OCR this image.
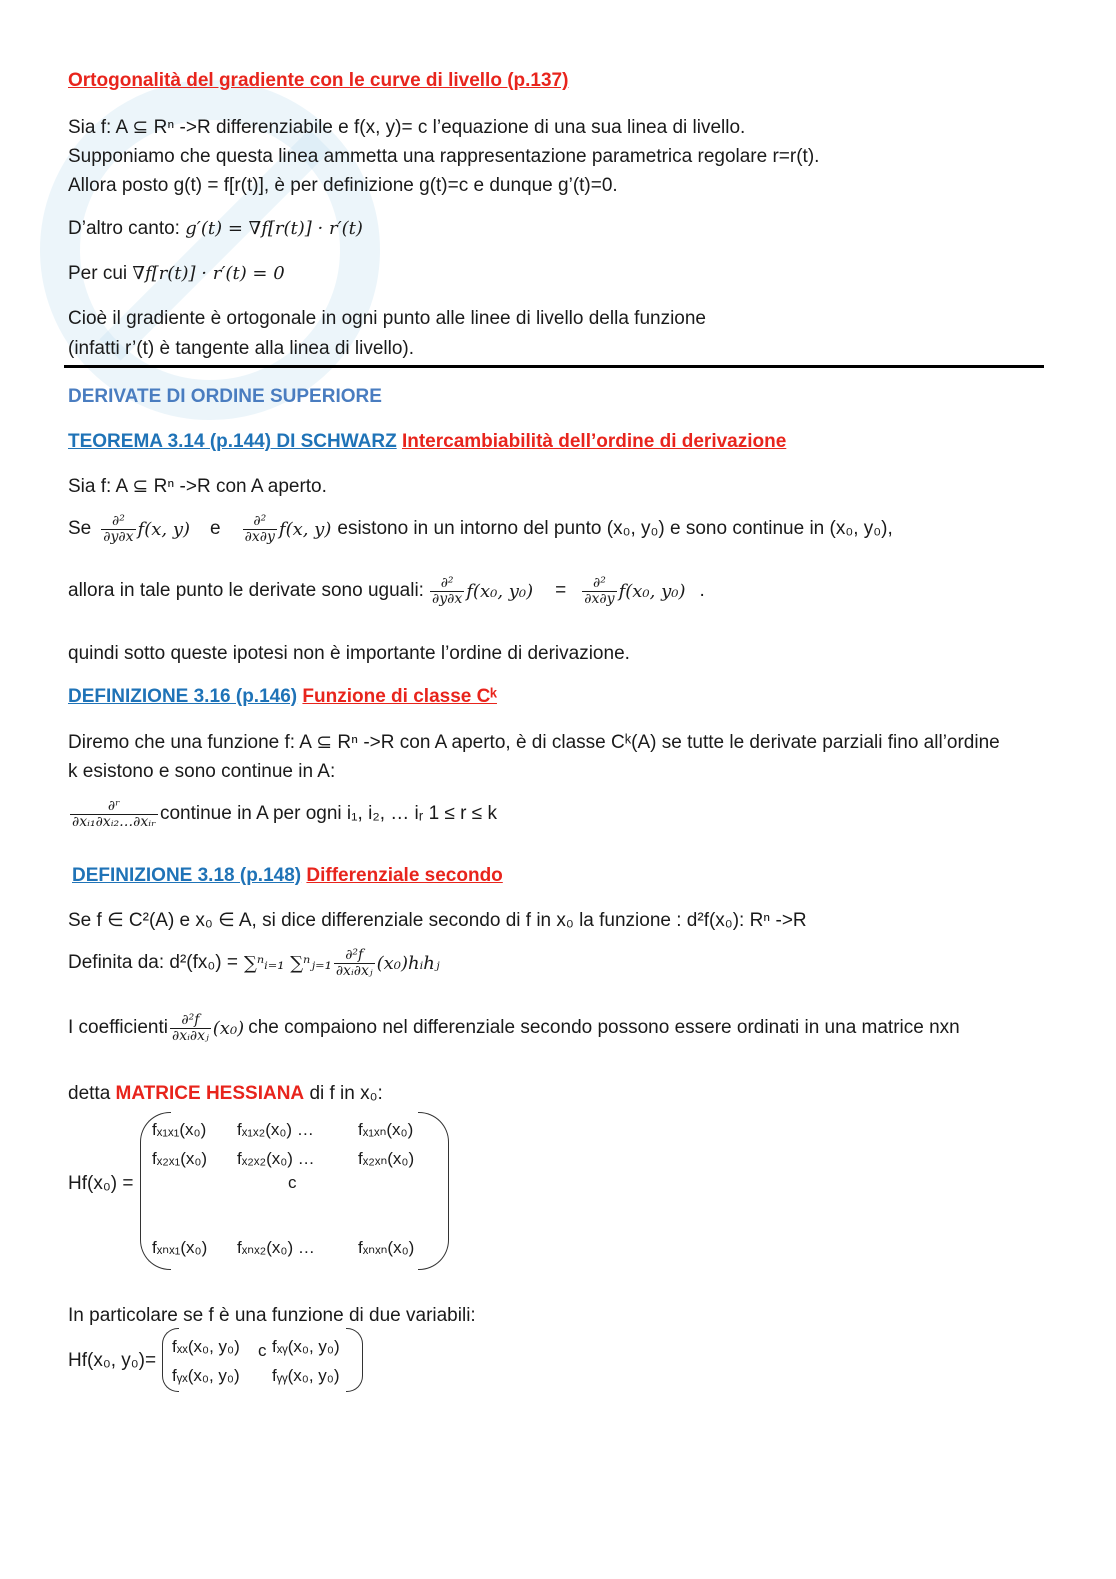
Ortogonalità del gradiente con le curve di livello (p.137)
Sia f: A ⊆ Rⁿ ->R differenziabile e f(x, y)= c l’equazione di una sua linea di livello.
Supponiamo che questa linea ammetta una rappresentazione parametrica regolare r=r(t).
Allora posto g(t) = f[r(t)], è per definizione g(t)=c e dunque g’(t)=0.
D’altro canto: g′(t) = ∇f[r(t)] · r′(t)
Per cui ∇f[r(t)] · r′(t) = 0
Cioè il gradiente è ortogonale in ogni punto alle linee di livello della funzione
(infatti r’(t) è tangente alla linea di livello).
DERIVATE DI ORDINE SUPERIORE
TEOREMA 3.14 (p.144) DI SCHWARZ Intercambiabilità dell’ordine di derivazione
Sia f: A ⊆ Rⁿ ->R con A aperto.
Se $\frac{\text{∂²}}{\partial y\partial x} f(x$, y) e $\frac{\text{∂²}}{\partial x\partial y} f(x$, y) esistono in un intorno del punto (x₀, y₀) e sono continue in (x₀, y₀),
allora in tale punto le derivate sono uguali: $\frac{\text{∂²}}{\partial y\partial x} f(x_0$, $y_0) = \frac{\text{∂²}}{\partial x\partial y} f(x_0$, y₀) .
quindi sotto queste ipotesi non è importante l’ordine di derivazione.
DEFINIZIONE 3.16 (p.146) Funzione di classe Cᵏ
Diremo che una funzione f: A ⊆ Rⁿ ->R con A aperto, è di classe Cᵏ(A) se tutte le derivate parziali fino all’ordine
k esistono e sono continue in A:
$\frac{\text{∂ʳ}}{\text{∂xᵢ₁∂xᵢ₂…∂xᵢᵣ}}$ continue in A per ogni i₁, i₂, … iᵣ 1 ≤ r ≤ k
DEFINIZIONE 3.18 (p.148) Differenziale secondo
Se f ∈ C²(A) e x₀ ∈ A, si dice differenziale secondo di f in x₀ la funzione : d²f(x₀): Rⁿ ->R
Definita da: d²(fx₀) = ∑ⁿᵢ₌₁ ∑ⁿⱼ₌₁ $\frac{\text{∂²f}}{\text{∂xᵢ∂xⱼ}}$ (x₀)hᵢhⱼ
I coefficienti $\frac{\text{∂²f}}{\text{∂xᵢ∂xⱼ}} (x_0)$ che compaiono nel differenziale secondo possono essere ordinati in una matrice nxn
detta MATRICE HESSIANA di f in x₀:
Hf(x₀) =
fₓ₁ₓ₁(x₀) fₓ₁ₓ₂(x₀) …	fₓ₁ₓₙ(x₀)
fₓ₂ₓ₁(x₀) fₓ₂ₓ₂(x₀) …	fₓ₂ₓₙ(x₀)
c
fₓₙₓ₁(x₀) fₓₙₓ₂(x₀) …	fₓₙₓₙ(x₀)
In particolare se f è una funzione di due variabili:
Hf(x₀, y₀)=
fₓₓ(x₀, y₀) c fₓᵧ(x₀, y₀)
fᵧₓ(x₀, y₀) fᵧᵧ(x₀, y₀)
